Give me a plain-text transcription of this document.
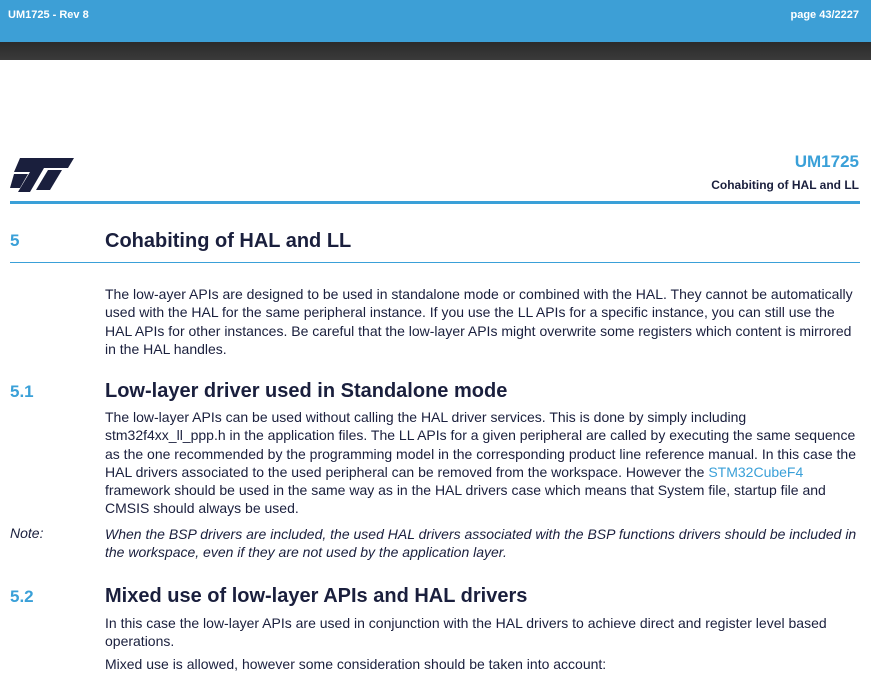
UM1725 - Rev 8	page 43/2227
UM1725
Cohabiting of HAL and LL
5	Cohabiting of HAL and LL
The low-ayer APIs are designed to be used in standalone mode or combined with the HAL. They cannot be automatically used with the HAL for the same peripheral instance. If you use the LL APIs for a specific instance, you can still use the HAL APIs for other instances. Be careful that the low-layer APIs might overwrite some registers which content is mirrored in the HAL handles.
5.1	Low-layer driver used in Standalone mode
The low-layer APIs can be used without calling the HAL driver services. This is done by simply including stm32f4xx_ll_ppp.h in the application files. The LL APIs for a given peripheral are called by executing the same sequence as the one recommended by the programming model in the corresponding product line reference manual. In this case the HAL drivers associated to the used peripheral can be removed from the workspace. However the STM32CubeF4 framework should be used in the same way as in the HAL drivers case which means that System file, startup file and CMSIS should always be used.
Note:	When the BSP drivers are included, the used HAL drivers associated with the BSP functions drivers should be included in the workspace, even if they are not used by the application layer.
5.2	Mixed use of low-layer APIs and HAL drivers
In this case the low-layer APIs are used in conjunction with the HAL drivers to achieve direct and register level based operations.
Mixed use is allowed, however some consideration should be taken into account:
